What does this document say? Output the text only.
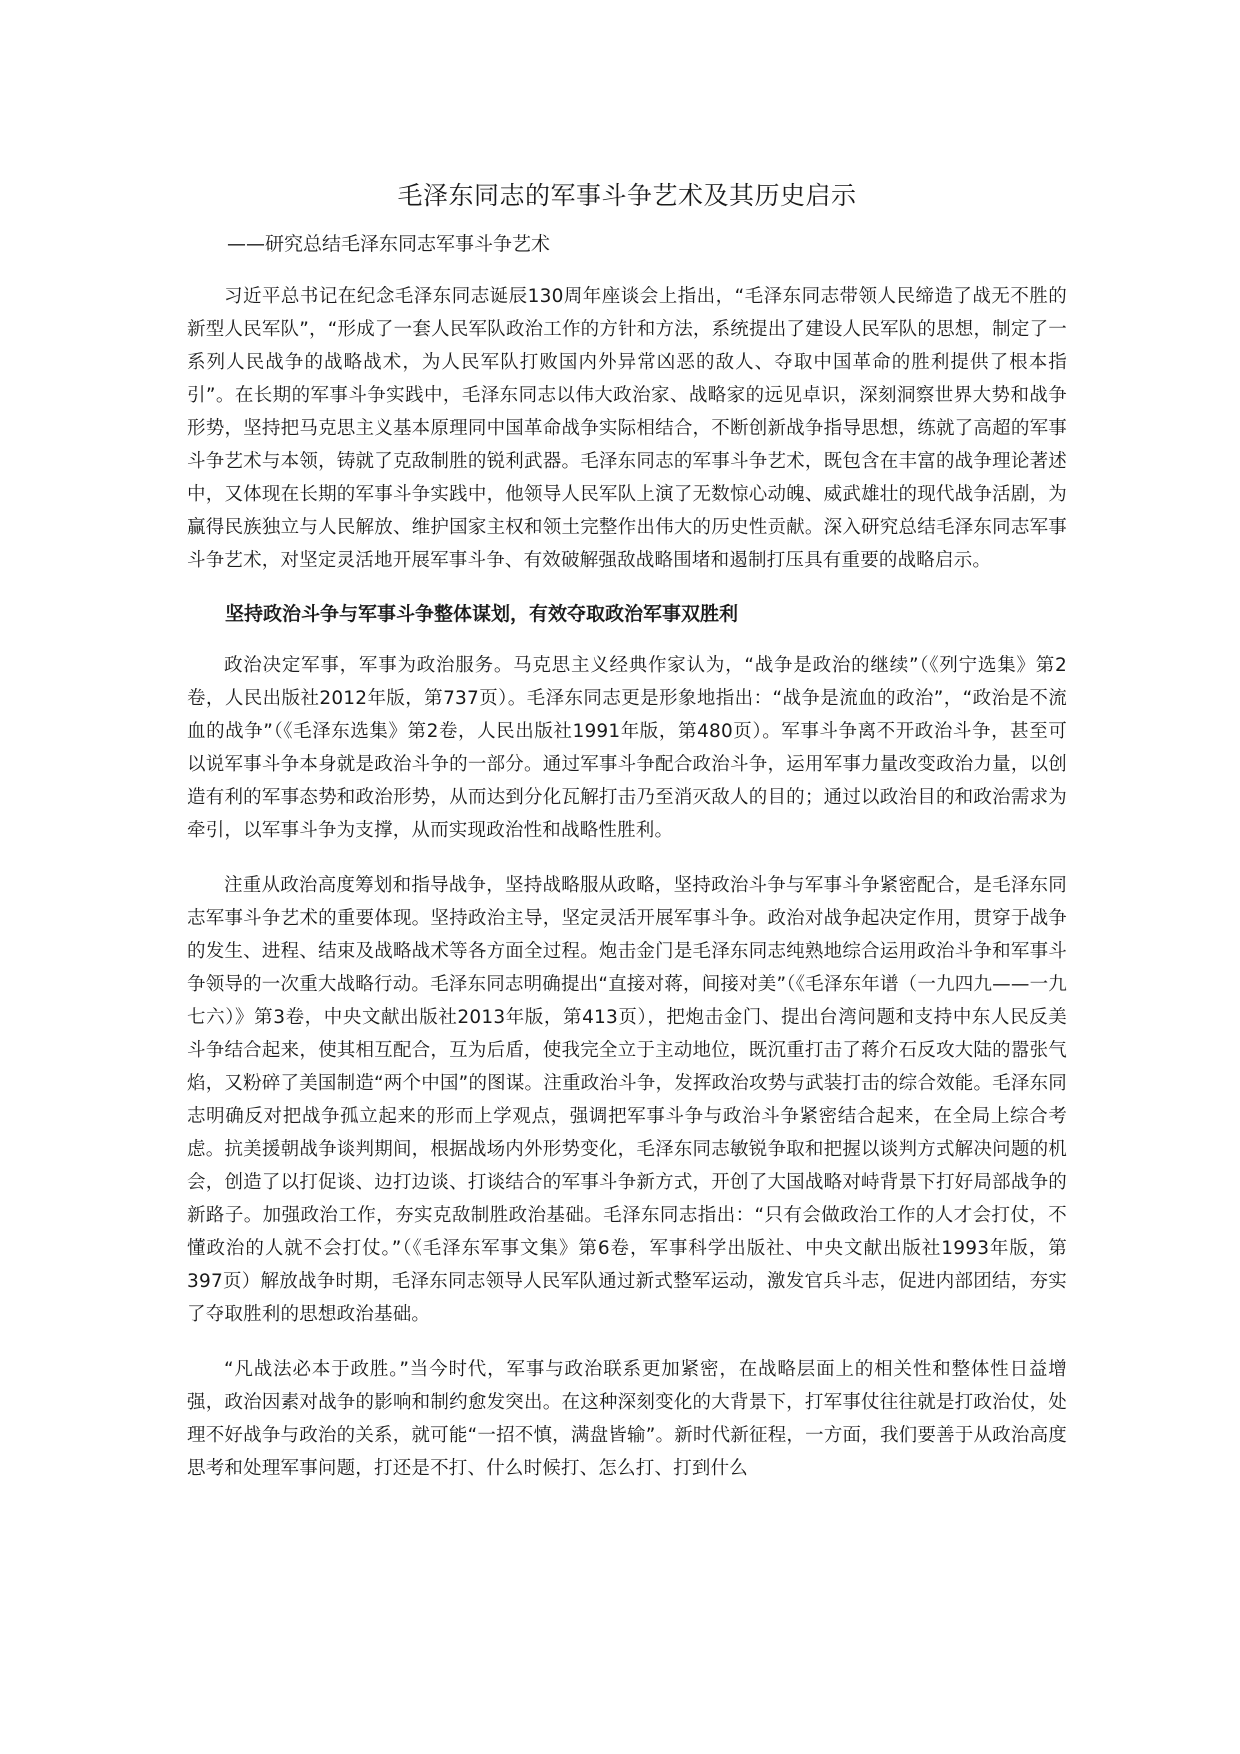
毛泽东同志的军事斗争艺术及其历史启示
——研究总结毛泽东同志军事斗争艺术

习近平总书记在纪念毛泽东同志诞辰130周年座谈会上指出，“毛泽东同志带领人民缔造了战无不胜的新型人民军队”，“形成了一套人民军队政治工作的方针和方法，系统提出了建设人民军队的思想，制定了一系列人民战争的战略战术，为人民军队打败国内外异常凶恶的敌人、夺取中国革命的胜利提供了根本指引”。在长期的军事斗争实践中，毛泽东同志以伟大政治家、战略家的远见卓识，深刻洞察世界大势和战争形势，坚持把马克思主义基本原理同中国革命战争实际相结合，不断创新战争指导思想，练就了高超的军事斗争艺术与本领，铸就了克敌制胜的锐利武器。毛泽东同志的军事斗争艺术，既包含在丰富的战争理论著述中，又体现在长期的军事斗争实践中，他领导人民军队上演了无数惊心动魄、威武雄壮的现代战争活剧，为赢得民族独立与人民解放、维护国家主权和领土完整作出伟大的历史性贡献。深入研究总结毛泽东同志军事斗争艺术，对坚定灵活地开展军事斗争、有效破解强敌战略围堵和遏制打压具有重要的战略启示。

坚持政治斗争与军事斗争整体谋划，有效夺取政治军事双胜利

政治决定军事，军事为政治服务。马克思主义经典作家认为，“战争是政治的继续”（《列宁选集》第2卷，人民出版社2012年版，第737页）。毛泽东同志更是形象地指出：“战争是流血的政治”，“政治是不流血的战争”（《毛泽东选集》第2卷，人民出版社1991年版，第480页）。军事斗争离不开政治斗争，甚至可以说军事斗争本身就是政治斗争的一部分。通过军事斗争配合政治斗争，运用军事力量改变政治力量，以创造有利的军事态势和政治形势，从而达到分化瓦解打击乃至消灭敌人的目的；通过以政治目的和政治需求为牵引，以军事斗争为支撑，从而实现政治性和战略性胜利。

注重从政治高度筹划和指导战争，坚持战略服从政略，坚持政治斗争与军事斗争紧密配合，是毛泽东同志军事斗争艺术的重要体现。坚持政治主导，坚定灵活开展军事斗争。政治对战争起决定作用，贯穿于战争的发生、进程、结束及战略战术等各方面全过程。炮击金门是毛泽东同志纯熟地综合运用政治斗争和军事斗争领导的一次重大战略行动。毛泽东同志明确提出“直接对蒋，间接对美”（《毛泽东年谱（一九四九——一九七六）》第3卷，中央文献出版社2013年版，第413页），把炮击金门、提出台湾问题和支持中东人民反美斗争结合起来，使其相互配合，互为后盾，使我完全立于主动地位，既沉重打击了蒋介石反攻大陆的嚣张气焰，又粉碎了美国制造“两个中国”的图谋。注重政治斗争，发挥政治攻势与武装打击的综合效能。毛泽东同志明确反对把战争孤立起来的形而上学观点，强调把军事斗争与政治斗争紧密结合起来，在全局上综合考虑。抗美援朝战争谈判期间，根据战场内外形势变化，毛泽东同志敏锐争取和把握以谈判方式解决问题的机会，创造了以打促谈、边打边谈、打谈结合的军事斗争新方式，开创了大国战略对峙背景下打好局部战争的新路子。加强政治工作，夯实克敌制胜政治基础。毛泽东同志指出：“只有会做政治工作的人才会打仗，不懂政治的人就不会打仗。”（《毛泽东军事文集》第6卷，军事科学出版社、中央文献出版社1993年版，第397页）解放战争时期，毛泽东同志领导人民军队通过新式整军运动，激发官兵斗志，促进内部团结，夯实了夺取胜利的思想政治基础。

“凡战法必本于政胜。”当今时代，军事与政治联系更加紧密，在战略层面上的相关性和整体性日益增强，政治因素对战争的影响和制约愈发突出。在这种深刻变化的大背景下，打军事仗往往就是打政治仗，处理不好战争与政治的关系，就可能“一招不慎，满盘皆输”。新时代新征程，一方面，我们要善于从政治高度思考和处理军事问题，打还是不打、什么时候打、怎么打、打到什么
